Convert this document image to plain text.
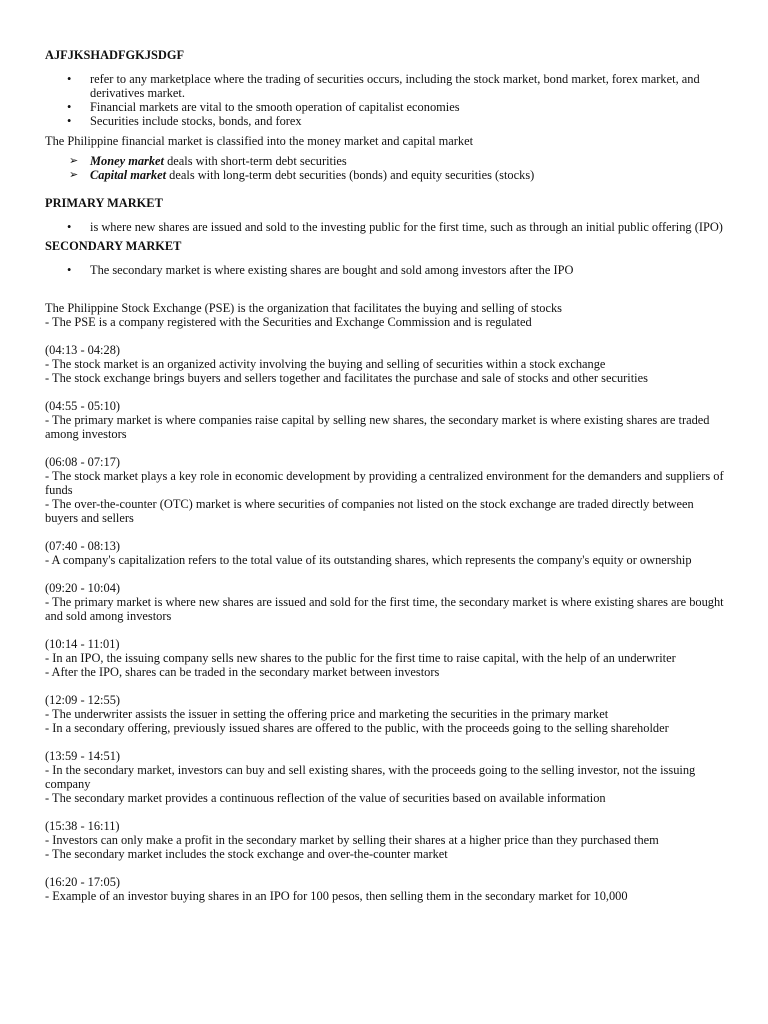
AJFJKSHADFGKJSDGF

• refer to any marketplace where the trading of securities occurs, including the stock market, bond market, forex market, and derivatives market.
• Financial markets are vital to the smooth operation of capitalist economies
• Securities include stocks, bonds, and forex

The Philippine financial market is classified into the money market and capital market

➢ Money market deals with short-term debt securities
➢ Capital market deals with long-term debt securities (bonds) and equity securities (stocks)

PRIMARY MARKET

• is where new shares are issued and sold to the investing public for the first time, such as through an initial public offering (IPO)

SECONDARY MARKET

• The secondary market is where existing shares are bought and sold among investors after the IPO

The Philippine Stock Exchange (PSE) is the organization that facilitates the buying and selling of stocks

- The PSE is a company registered with the Securities and Exchange Commission and is regulated

(04:13 - 04:28)

- The stock market is an organized activity involving the buying and selling of securities within a stock exchange

- The stock exchange brings buyers and sellers together and facilitates the purchase and sale of stocks and other securities

(04:55 - 05:10)

- The primary market is where companies raise capital by selling new shares, the secondary market is where existing shares are traded among investors

(06:08 - 07:17)

- The stock market plays a key role in economic development by providing a centralized environment for the demanders and suppliers of funds

- The over-the-counter (OTC) market is where securities of companies not listed on the stock exchange are traded directly between buyers and sellers

(07:40 - 08:13)

- A company's capitalization refers to the total value of its outstanding shares, which represents the company's equity or ownership

(09:20 - 10:04)

- The primary market is where new shares are issued and sold for the first time, the secondary market is where existing shares are bought and sold among investors

(10:14 - 11:01)

- In an IPO, the issuing company sells new shares to the public for the first time to raise capital, with the help of an underwriter

- After the IPO, shares can be traded in the secondary market between investors

(12:09 - 12:55)

- The underwriter assists the issuer in setting the offering price and marketing the securities in the primary market

- In a secondary offering, previously issued shares are offered to the public, with the proceeds going to the selling shareholder

(13:59 - 14:51)

- In the secondary market, investors can buy and sell existing shares, with the proceeds going to the selling investor, not the issuing company

- The secondary market provides a continuous reflection of the value of securities based on available information

(15:38 - 16:11)

- Investors can only make a profit in the secondary market by selling their shares at a higher price than they purchased them

- The secondary market includes the stock exchange and over-the-counter market

(16:20 - 17:05)

- Example of an investor buying shares in an IPO for 100 pesos, then selling them in the secondary market for 10,000
